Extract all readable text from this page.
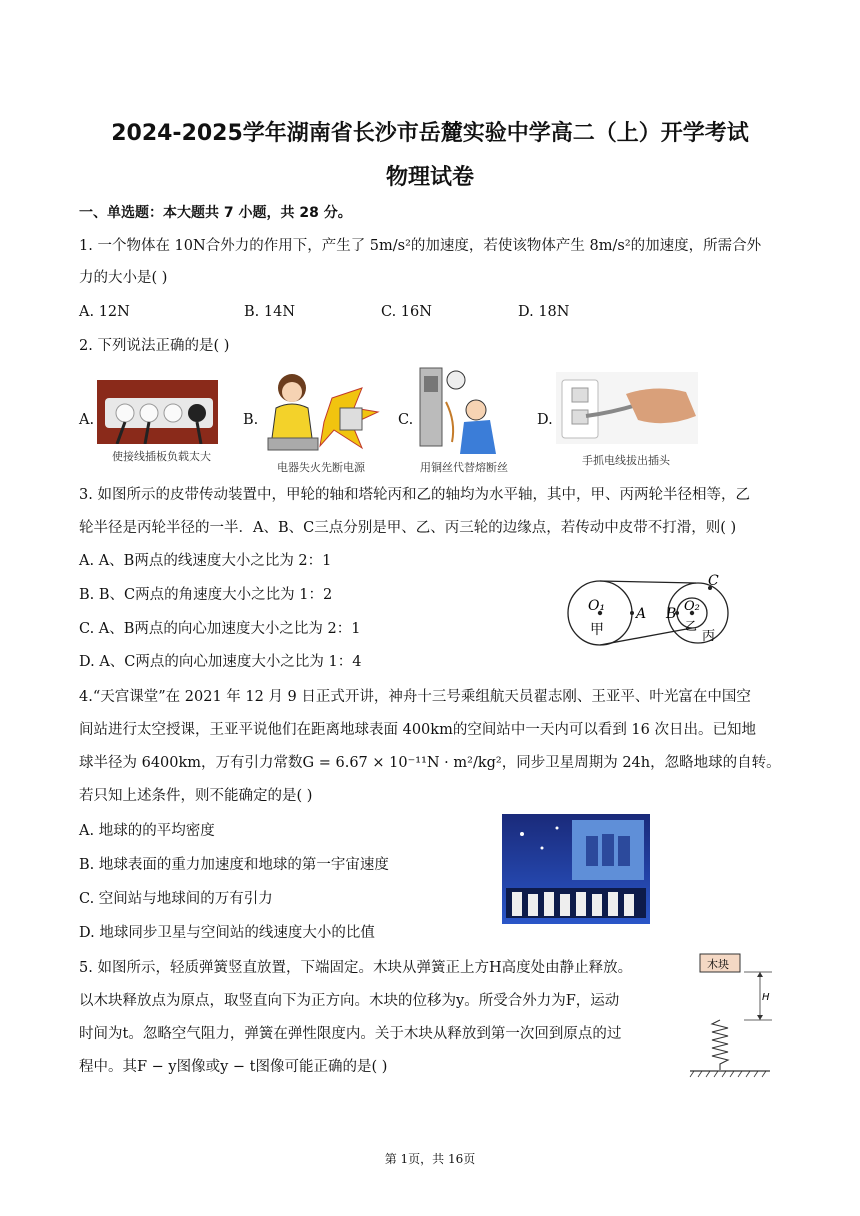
2024-2025学年湖南省长沙市岳麓实验中学高二（上）开学考试
物理试卷
一、单选题：本大题共 7 小题，共 28 分。
1. 一个物体在 10N合外力的作用下，产生了 5m/s²的加速度，若使该物体产生 8m/s²的加速度，所需合外
力的大小是( )
A. 12N	B. 14N	C. 16N	D. 18N
2. 下列说法正确的是( )
A.
使接线插板负载太大
B.
电器失火先断电源
C.
用铜丝代替熔断丝
D.
手抓电线拔出插头
3. 如图所示的皮带传动装置中，甲轮的轴和塔轮丙和乙的轴均为水平轴，其中，甲、丙两轮半径相等，乙
轮半径是丙轮半径的一半．A、B、C三点分别是甲、乙、丙三轮的边缘点，若传动中皮带不打滑，则( )
A. A、B两点的线速度大小之比为 2：1
B. B、C两点的角速度大小之比为 1：2
C. A、B两点的向心加速度大小之比为 2：1
D. A、C两点的向心加速度大小之比为 1：4
O₁ A
甲
B O₂
C
乙
丙
4.“天宫课堂”在 2021 年 12 月 9 日正式开讲，神舟十三号乘组航天员翟志刚、王亚平、叶光富在中国空
间站进行太空授课，王亚平说他们在距离地球表面 400km的空间站中一天内可以看到 16 次日出。已知地
球半径为 6400km，万有引力常数G = 6.67 × 10⁻¹¹N · m²/kg²，同步卫星周期为 24h，忽略地球的自转。
若只知上述条件，则不能确定的是( )
A. 地球的的平均密度
B. 地球表面的重力加速度和地球的第一宇宙速度
C. 空间站与地球间的万有引力
D. 地球同步卫星与空间站的线速度大小的比值
5. 如图所示，轻质弹簧竖直放置，下端固定。木块从弹簧正上方H高度处由静止释放。
以木块释放点为原点，取竖直向下为正方向。木块的位移为y。所受合外力为F，运动
时间为t。忽略空气阻力，弹簧在弹性限度内。关于木块从释放到第一次回到原点的过
程中。其F − y图像或y − t图像可能正确的是( )
木块
H
第 1页，共 16页
